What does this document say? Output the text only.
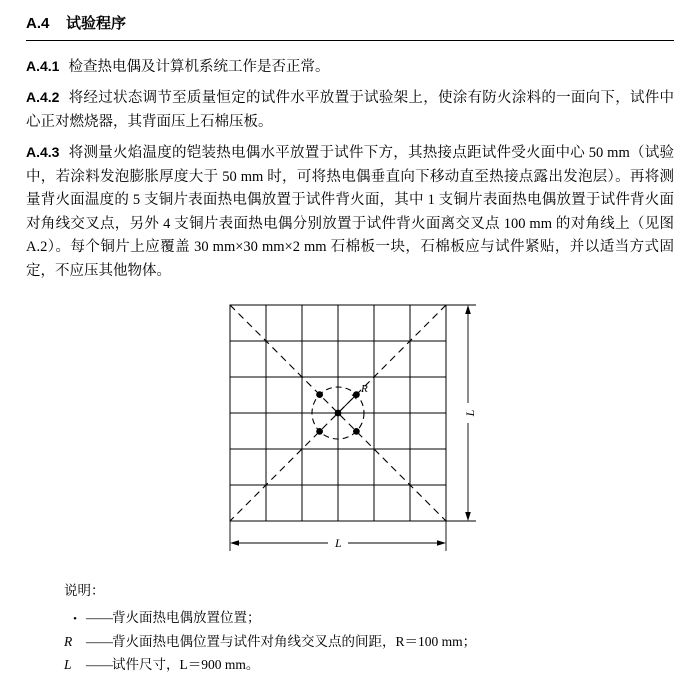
A.4 试验程序

A.4.1 检查热电偶及计算机系统工作是否正常。

A.4.2 将经过状态调节至质量恒定的试件水平放置于试验架上，使涂有防火涂料的一面向下，试件中心正对燃烧器，其背面压上石棉压板。

A.4.3 将测量火焰温度的铠装热电偶水平放置于试件下方，其热接点距试件受火面中心 50 mm（试验中，若涂料发泡膨胀厚度大于 50 mm 时，可将热电偶垂直向下移动直至热接点露出发泡层）。再将测量背火面温度的 5 支铜片表面热电偶放置于试件背火面，其中 1 支铜片表面热电偶放置于试件背火面对角线交叉点，另外 4 支铜片表面热电偶分别放置于试件背火面离交叉点 100 mm 的对角线上（见图 A.2）。每个铜片上应覆盖 30 mm×30 mm×2 mm 石棉板一块，石棉板应与试件紧贴，并以适当方式固定，不应压其他物体。

R
L
L
说明：
• —— 背火面热电偶放置位置；
R	—— 背火面热电偶位置与试件对角线交叉点的间距，R＝100 mm；
L	—— 试件尺寸，L＝900 mm。
